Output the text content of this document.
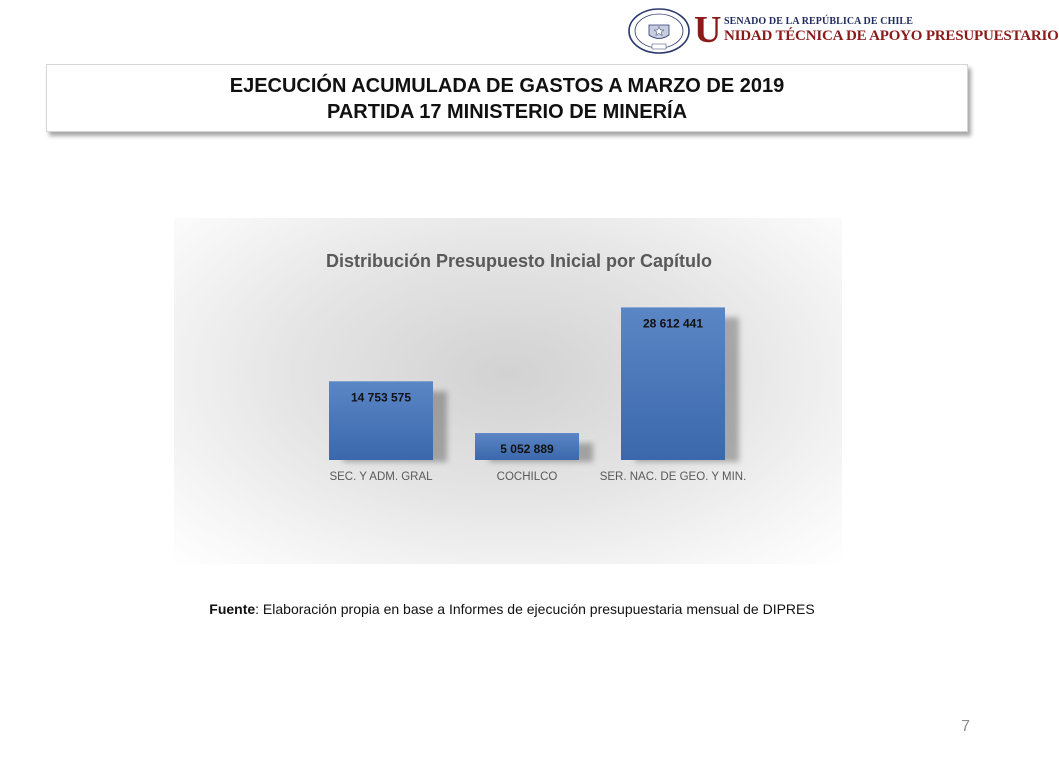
U SENADO DE LA REPÚBLICA DE CHILE
NIDAD TÉCNICA DE APOYO PRESUPUESTARIO
EJECUCIÓN ACUMULADA DE GASTOS A MARZO DE 2019
PARTIDA 17 MINISTERIO DE MINERÍA
Distribución Presupuesto Inicial por Capítulo
14 753 575
SEC. Y ADM. GRAL
5 052 889
COCHILCO
28 612 441
SER. NAC. DE GEO. Y MIN.
Fuente: Elaboración propia en base a Informes de ejecución presupuestaria mensual de DIPRES
7
